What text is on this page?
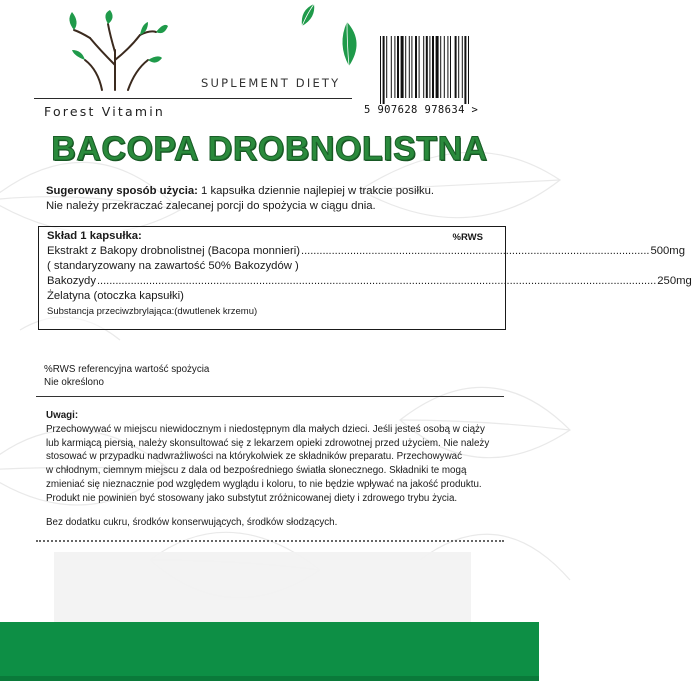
SUPLEMENT DIETY
Forest Vitamin	5 907628 978634 >
BACOPA DROBNOLISTNA
Sugerowany sposób użycia: 1 kapsułka dziennie najlepiej w trakcie posiłku.
Nie należy przekraczać zalecanej porcji do spożycia w ciągu dnia.
%RWS
Skład 1 kapsułka:
Ekstrakt z Bakopy drobnolistnej (Bacopa monnieri) .................................................................................................................. 500mg
( standaryzowany na zawartość 50% Bakozydów )
Bakozydy ....................................................................................................................................................................................... 250mg
Żelatyna (otoczka kapsułki)
Substancja przeciwzbrylająca:(dwutlenek krzemu)
%RWS referencyjna wartość spożycia
Nie określono
Uwagi:
Przechowywać w miejscu niewidocznym i niedostępnym dla małych dzieci. Jeśli jesteś osobą w ciąży
lub karmiącą piersią, należy skonsultować się z lekarzem opieki zdrowotnej przed użyciem. Nie należy
stosować w przypadku nadwrażliwości na którykolwiek ze składników preparatu. Przechowywać
w chłodnym, ciemnym miejscu z dala od bezpośredniego światła słonecznego. Składniki te mogą
zmieniać się nieznacznie pod względem wyglądu i koloru, to nie będzie wpływać na jakość produktu.
Produkt nie powinien być stosowany jako substytut zróżnicowanej diety i zdrowego trybu życia.
Bez dodatku cukru, środków konserwujących, środków słodzących.
